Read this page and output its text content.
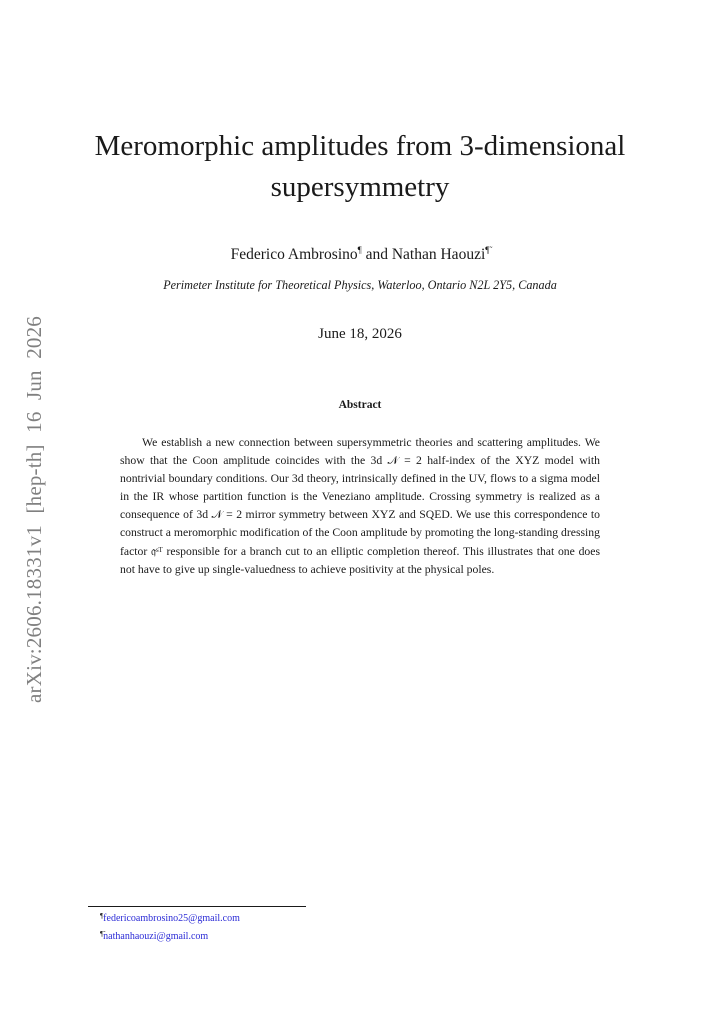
arXiv:2606.18331v1 [hep-th] 16 Jun 2026
Meromorphic amplitudes from 3-dimensional supersymmetry
Federico Ambrosino¶ and Nathan Haouzi¶̃
Perimeter Institute for Theoretical Physics, Waterloo, Ontario N2L 2Y5, Canada
June 18, 2026
Abstract

We establish a new connection between supersymmetric theories and scattering amplitudes. We show that the Coon amplitude coincides with the 3d 𝒩 = 2 half-index of the XYZ model with nontrivial boundary conditions. Our 3d theory, intrinsically defined in the UV, flows to a sigma model in the IR whose partition function is the Veneziano amplitude. Crossing symmetry is realized as a consequence of 3d 𝒩 = 2 mirror symmetry between XYZ and SQED. We use this correspondence to construct a meromorphic modification of the Coon amplitude by promoting the long-standing dressing factor 𝔮ˢᵀ responsible for a branch cut to an elliptic completion thereof. This illustrates that one does not have to give up single-valuedness to achieve positivity at the physical poles.

¶federicoambrosino25@gmail.com
¶̃nathanhaouzi@gmail.com
